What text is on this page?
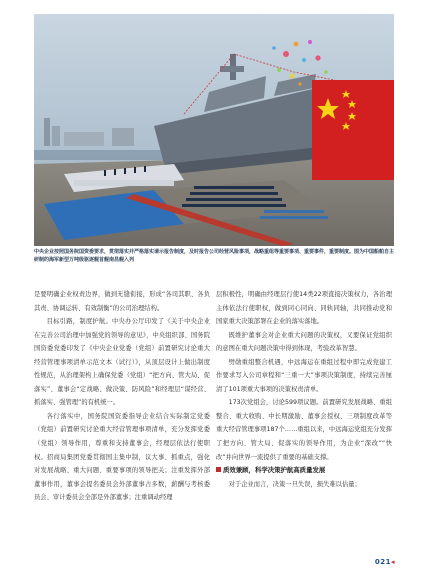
中央企业按照国务院国资委要求，贯彻落实并严格落实请示报告制度，及时报告公司经营风险事项，战略重组等重要事项、重要事件，重要制度。图为中国船舶自主研制的海军新型万吨级驱逐舰首舰南昌舰入列

是要明确企业权责边界，做到无缝衔接，形成“各司其职、各负其责、协调运转、有效制衡”的公司治理结构。

目标引路，制度护航。中央办公厅印发了《关于中央企业在完善公司治理中加强党的领导的意见》，中央组织部、国务院国资委党委印发了《中央企业党委（党组）前置研究讨论重大经营管理事项清单示范文本（试行）》，从顶层设计上做出制度性规范，从治理架构上确保党委（党组）“把方向、管大局、促落实”、董事会“定战略、做决策、防风险”和经理层“谋经营、抓落实、强管理”的有机统一。

各行落实中，国务院国资委指导企业结合实际制定党委（党组）前置研究讨论重大经营管理事项清单，充分发挥党委（党组）领导作用，尊重和支持董事会，经理层依法行使职权。招商局集团党委贯彻国主集中制，议大事、抓重点，强化对发展战略、重大问题、重要事项的领导把关；注重发挥外部董事作用，董事会提名委员会外部董事占多数，薪酬与考核委员会、审计委员会全部是外部董事；注重调动经理

层积极性，明确由经理层行使14类22项直接决策权力，各治理主体依法行使职权，做到同心同向、同轨同轴，共同推动党和国家重大决策部署在企业的落实落地。

既维护董事会对企业重大问题的决策权，又要保证党组织的意图在重大问题决策中得到体现，考验改革智慧。

劈勋重组整合机遇，中远海运在重组过程中即完成党建工作要求写入公司章程和“三重一大”事项决策制度，持续完善厘清了101项重大事项的决策权责清单。

173次党组会，讨论599项议题。前置研究发展战略、重组整合、重大收购、中长期激励、董事会授权、三项制度改革等重大经营管理事项187个……重组以来，中远海运党组充分发挥了把方向、管大局、促落实的领导作用，为企业“深改”“快改”并向世界一流提供了重要的基础支撑。

质效兼顾，科学决策护航高质量发展

对于企业而言，决策一旦失误，损失难以估量；

021◂
